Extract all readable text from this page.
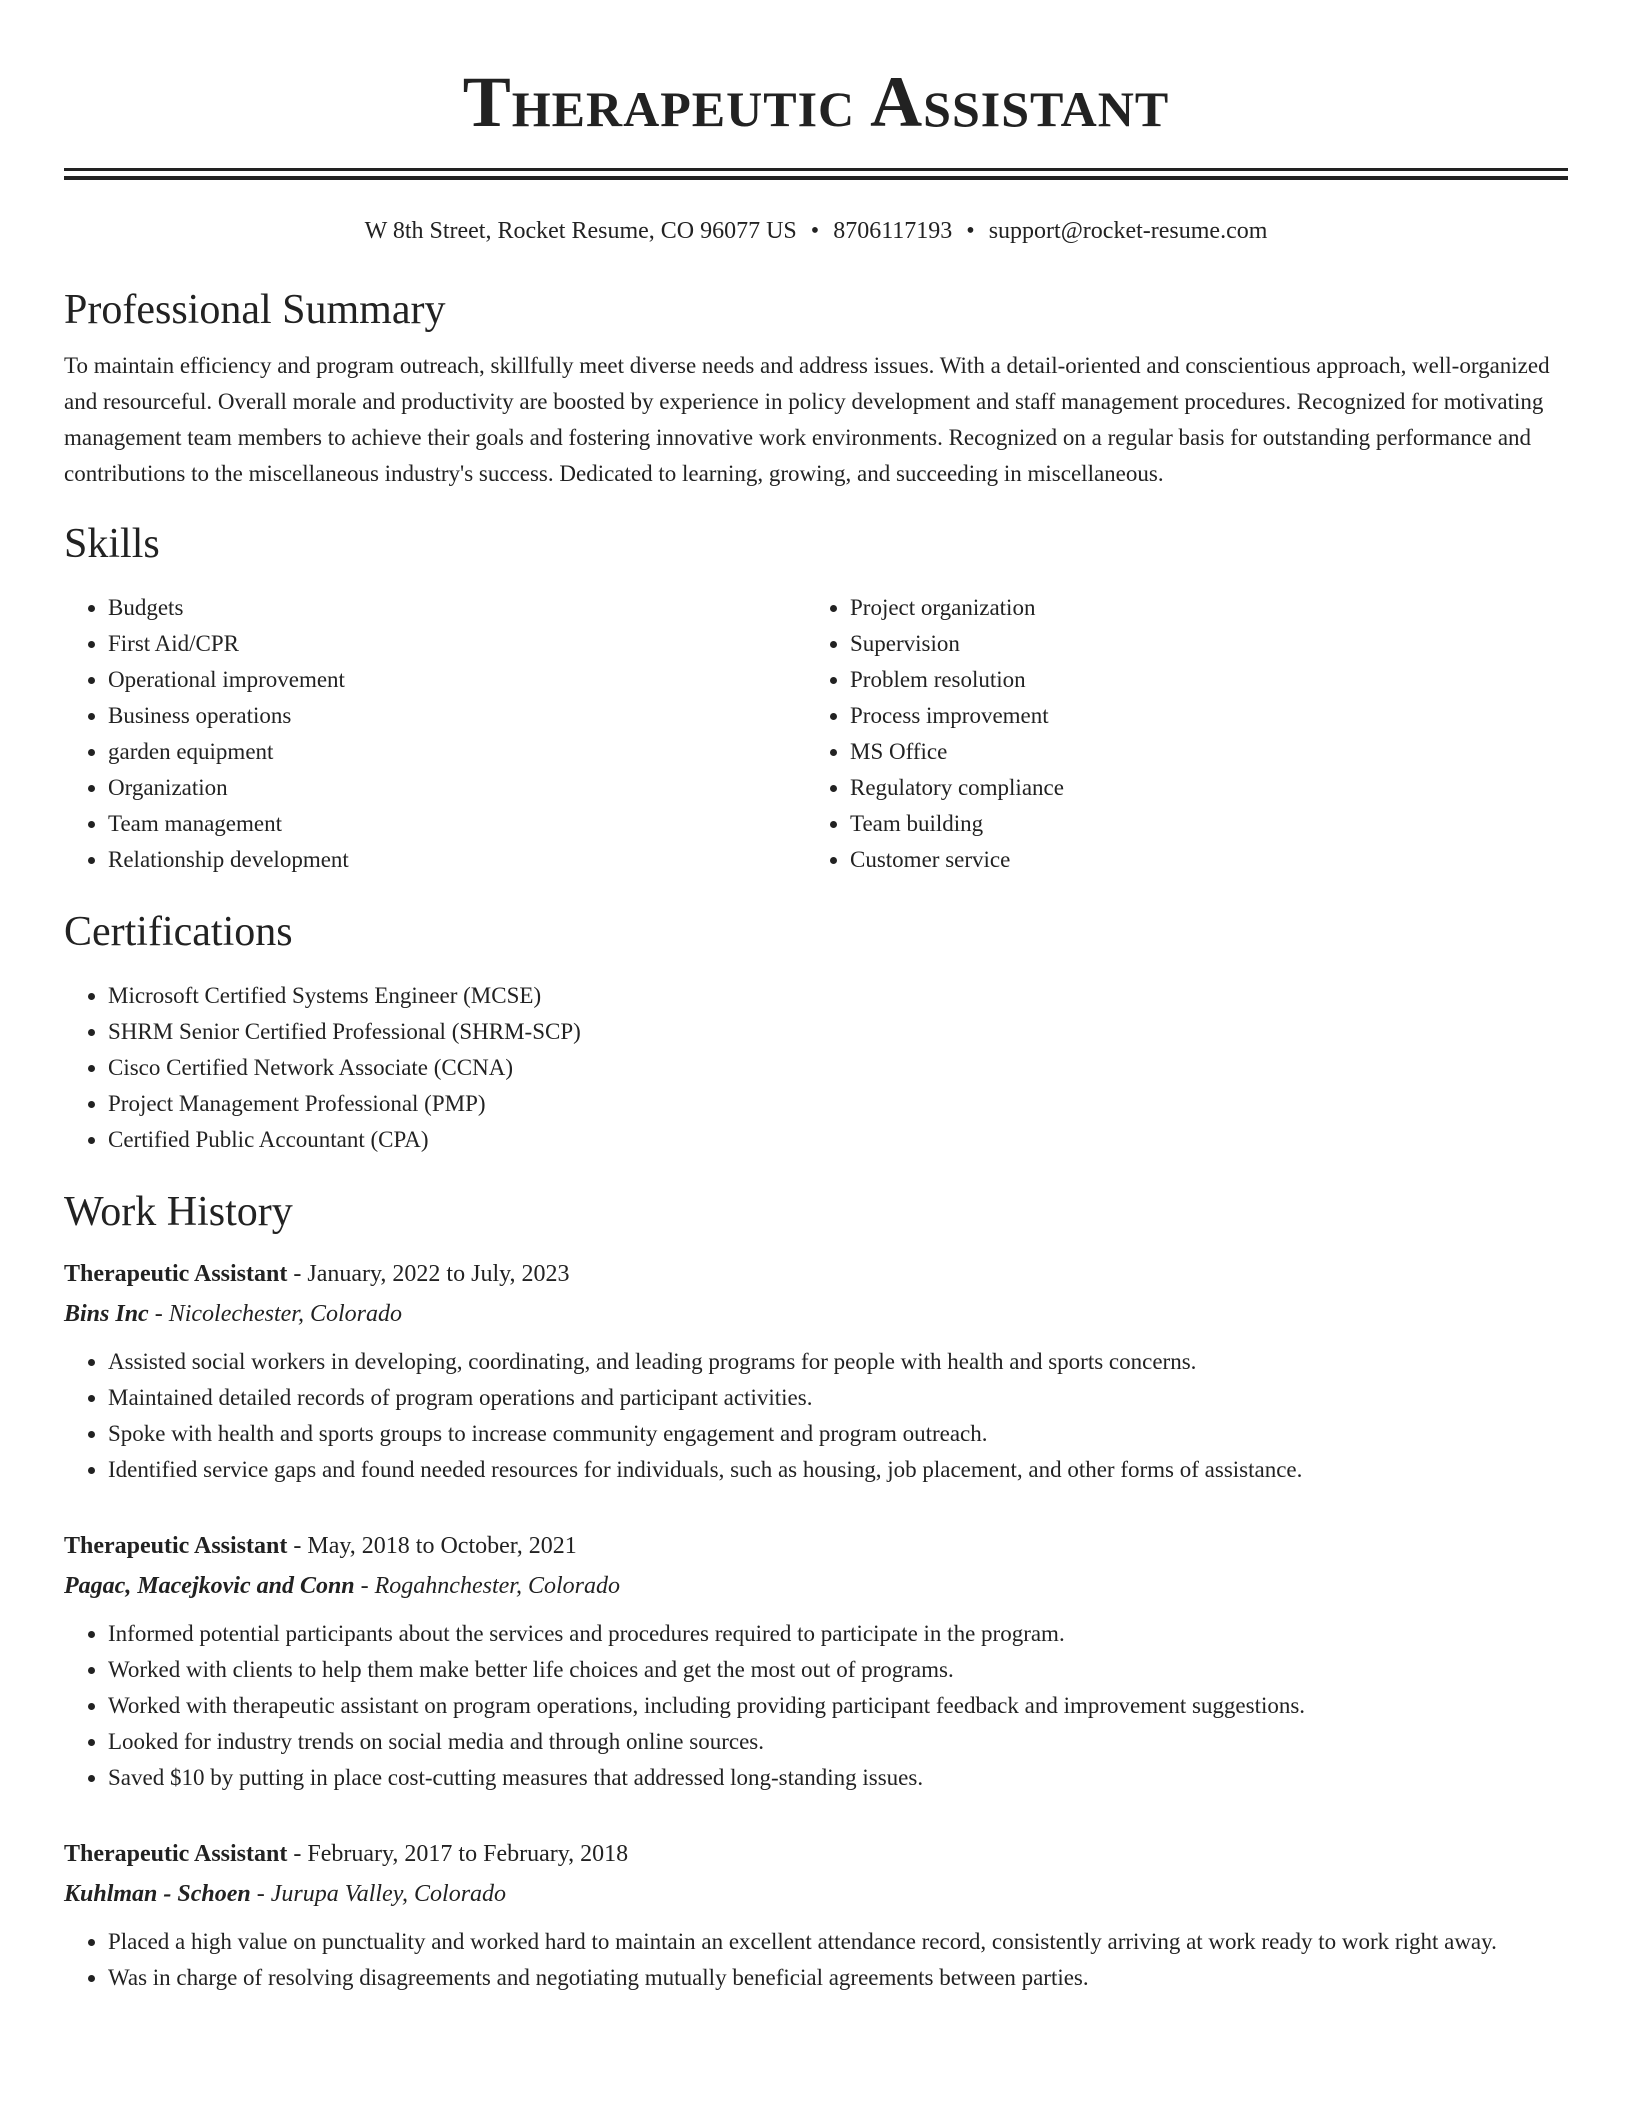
Therapeutic Assistant
W 8th Street, Rocket Resume, CO 96077 US • 8706117193 • support@rocket-resume.com
Professional Summary
To maintain efficiency and program outreach, skillfully meet diverse needs and address issues. With a detail-oriented and conscientious approach, well-organized and resourceful. Overall morale and productivity are boosted by experience in policy development and staff management procedures. Recognized for motivating management team members to achieve their goals and fostering innovative work environments. Recognized on a regular basis for outstanding performance and contributions to the miscellaneous industry's success. Dedicated to learning, growing, and succeeding in miscellaneous.
Skills
• Budgets
• First Aid/CPR
• Operational improvement
• Business operations
• garden equipment
• Organization
• Team management
• Relationship development
• Project organization
• Supervision
• Problem resolution
• Process improvement
• MS Office
• Regulatory compliance
• Team building
• Customer service
Certifications
• Microsoft Certified Systems Engineer (MCSE)
• SHRM Senior Certified Professional (SHRM-SCP)
• Cisco Certified Network Associate (CCNA)
• Project Management Professional (PMP)
• Certified Public Accountant (CPA)
Work History
Therapeutic Assistant - January, 2022 to July, 2023
Bins Inc - Nicolechester, Colorado
• Assisted social workers in developing, coordinating, and leading programs for people with health and sports concerns.
• Maintained detailed records of program operations and participant activities.
• Spoke with health and sports groups to increase community engagement and program outreach.
• Identified service gaps and found needed resources for individuals, such as housing, job placement, and other forms of assistance.
Therapeutic Assistant - May, 2018 to October, 2021
Pagac, Macejkovic and Conn - Rogahnchester, Colorado
• Informed potential participants about the services and procedures required to participate in the program.
• Worked with clients to help them make better life choices and get the most out of programs.
• Worked with therapeutic assistant on program operations, including providing participant feedback and improvement suggestions.
• Looked for industry trends on social media and through online sources.
• Saved $10 by putting in place cost-cutting measures that addressed long-standing issues.
Therapeutic Assistant - February, 2017 to February, 2018
Kuhlman - Schoen - Jurupa Valley, Colorado
• Placed a high value on punctuality and worked hard to maintain an excellent attendance record, consistently arriving at work ready to work right away.
• Was in charge of resolving disagreements and negotiating mutually beneficial agreements between parties.
